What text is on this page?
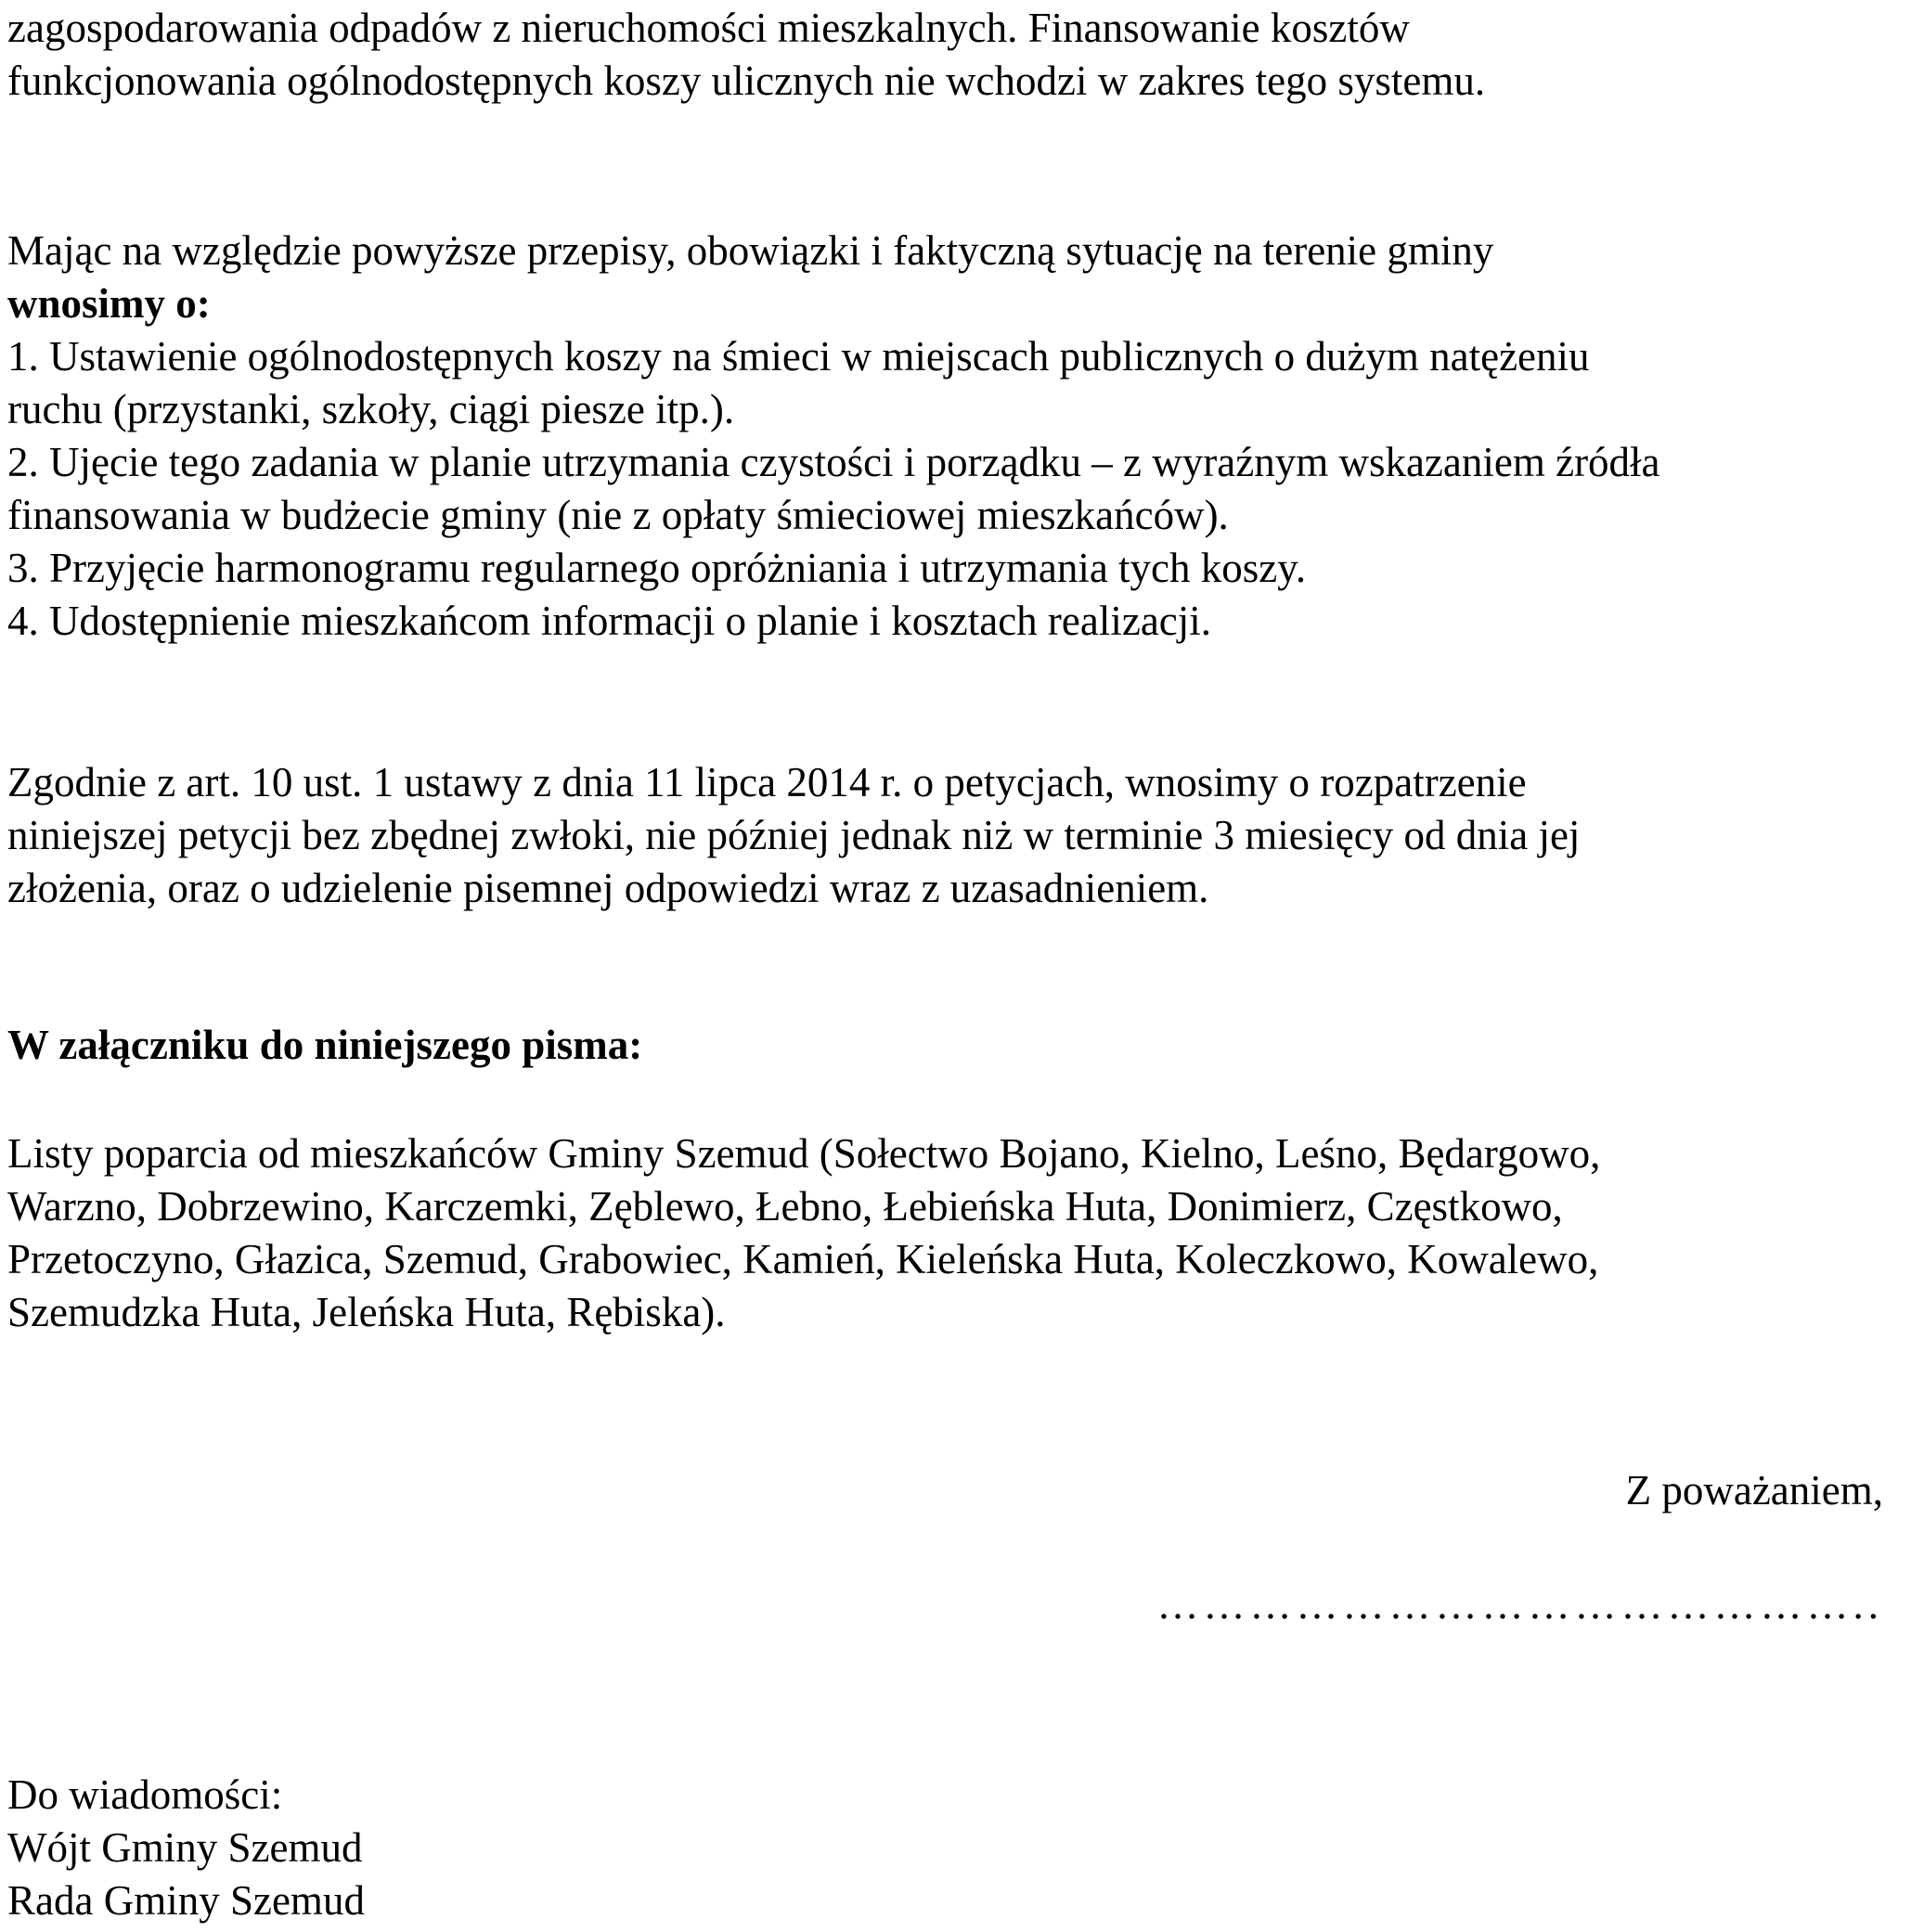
zagospodarowania odpadów z nieruchomości mieszkalnych. Finansowanie kosztów
funkcjonowania ogólnodostępnych koszy ulicznych nie wchodzi w zakres tego systemu.
Mając na względzie powyższe przepisy, obowiązki i faktyczną sytuację na terenie gminy
wnosimy o:
1. Ustawienie ogólnodostępnych koszy na śmieci w miejscach publicznych o dużym natężeniu
ruchu (przystanki, szkoły, ciągi piesze itp.).
2. Ujęcie tego zadania w planie utrzymania czystości i porządku – z wyraźnym wskazaniem źródła
finansowania w budżecie gminy (nie z opłaty śmieciowej mieszkańców).
3. Przyjęcie harmonogramu regularnego opróżniania i utrzymania tych koszy.
4. Udostępnienie mieszkańcom informacji o planie i kosztach realizacji.
Zgodnie z art. 10 ust. 1 ustawy z dnia 11 lipca 2014 r. o petycjach, wnosimy o rozpatrzenie
niniejszej petycji bez zbędnej zwłoki, nie później jednak niż w terminie 3 miesięcy od dnia jej
złożenia, oraz o udzielenie pisemnej odpowiedzi wraz z uzasadnieniem.
W załączniku do niniejszego pisma:
Listy poparcia od mieszkańców Gminy Szemud (Sołectwo Bojano, Kielno, Leśno, Będargowo,
Warzno, Dobrzewino, Karczemki, Zęblewo, Łebno, Łebieńska Huta, Donimierz, Częstkowo,
Przetoczyno, Głazica, Szemud, Grabowiec, Kamień, Kieleńska Huta, Koleczkowo, Kowalewo,
Szemudzka Huta, Jeleńska Huta, Rębiska).
Z poważaniem,
………………………………………..
Do wiadomości:
Wójt Gminy Szemud
Rada Gminy Szemud
